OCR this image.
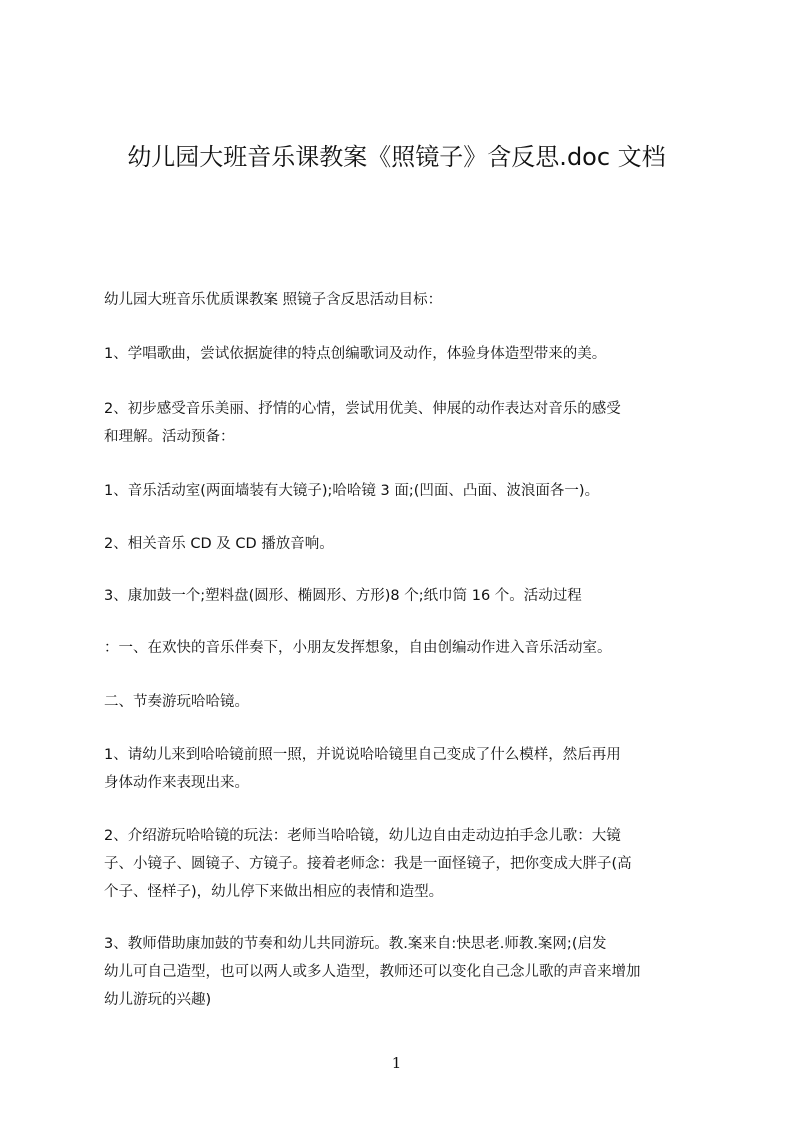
幼儿园大班音乐课教案《照镜子》含反思.doc 文档

幼儿园大班音乐优质课教案 照镜子含反思活动目标：

1、学唱歌曲，尝试依据旋律的特点创编歌词及动作，体验身体造型带来的美。

2、初步感受音乐美丽、抒情的心情，尝试用优美、伸展的动作表达对音乐的感受
和理解。活动预备：

1、音乐活动室(两面墙装有大镜子);哈哈镜 3 面;(凹面、凸面、波浪面各一)。

2、相关音乐 CD 及 CD 播放音响。

3、康加鼓一个;塑料盘(圆形、椭圆形、方形)8 个;纸巾筒 16 个。活动过程

：一、在欢快的音乐伴奏下，小朋友发挥想象，自由创编动作进入音乐活动室。

二、节奏游玩哈哈镜。

1、请幼儿来到哈哈镜前照一照，并说说哈哈镜里自己变成了什么模样，然后再用
身体动作来表现出来。

2、介绍游玩哈哈镜的玩法：老师当哈哈镜，幼儿边自由走动边拍手念儿歌：大镜
子、小镜子、圆镜子、方镜子。接着老师念：我是一面怪镜子，把你变成大胖子(高
个子、怪样子)，幼儿停下来做出相应的表情和造型。

3、教师借助康加鼓的节奏和幼儿共同游玩。教.案来自:快思老.师教.案网;(启发
幼儿可自己造型，也可以两人或多人造型，教师还可以变化自己念儿歌的声音来增加
幼儿游玩的兴趣)

1
